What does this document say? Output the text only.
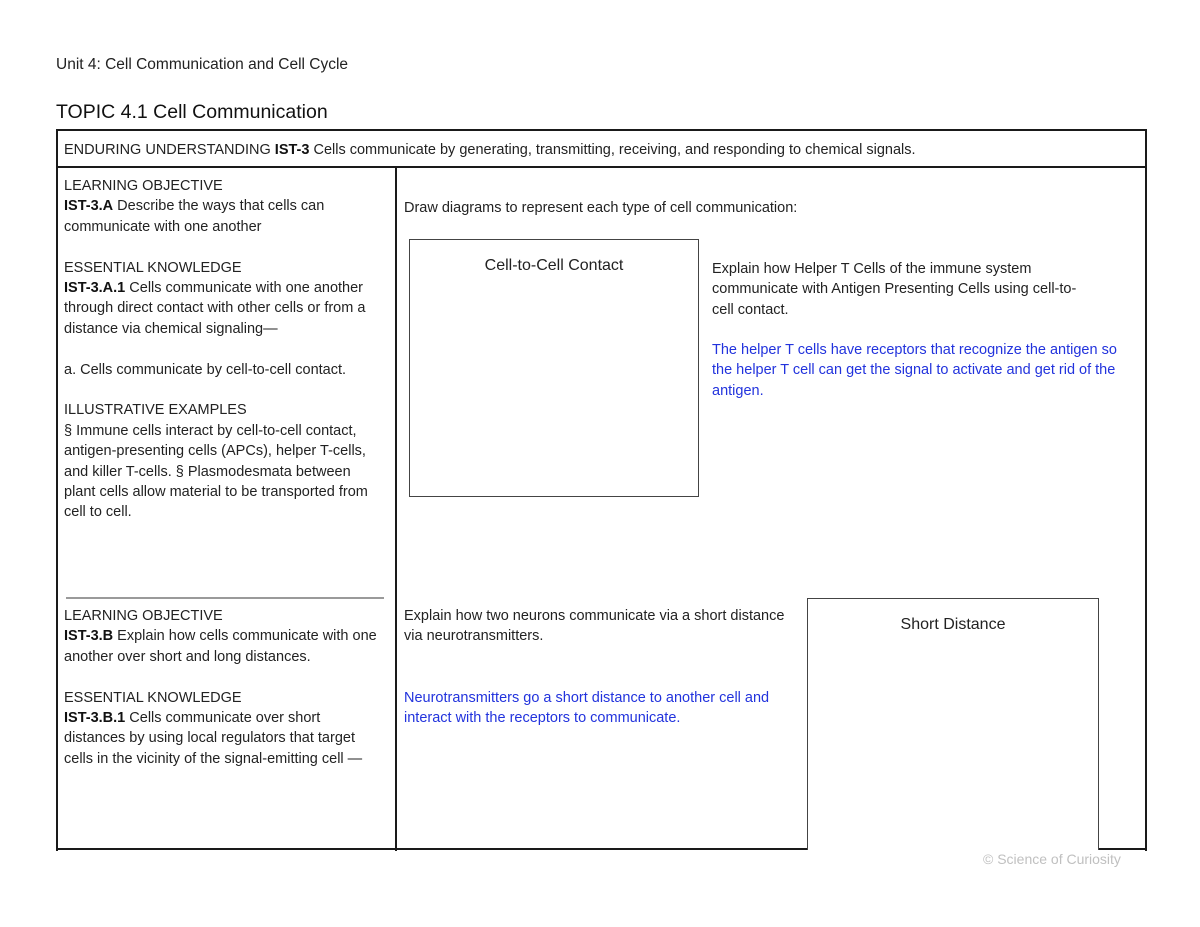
Unit 4: Cell Communication and Cell Cycle
TOPIC 4.1 Cell Communication
ENDURING UNDERSTANDING IST-3 Cells communicate by generating, transmitting, receiving, and responding to chemical signals.
LEARNING OBJECTIVE
IST-3.A Describe the ways that cells can communicate with one another
ESSENTIAL KNOWLEDGE
IST-3.A.1 Cells communicate with one another through direct contact with other cells or from a distance via chemical signaling—
a. Cells communicate by cell-to-cell contact.
ILLUSTRATIVE EXAMPLES
§ Immune cells interact by cell-to-cell contact, antigen-presenting cells (APCs), helper T-cells, and killer T-cells. § Plasmodesmata between plant cells allow material to be transported from cell to cell.
Draw diagrams to represent each type of cell communication:
Cell-to-Cell Contact	Explain how Helper T Cells of the immune system communicate with Antigen Presenting Cells using cell-to-cell contact.
The helper T cells have receptors that recognize the antigen so the helper T cell can get the signal to activate and get rid of the antigen.
LEARNING OBJECTIVE
IST-3.B Explain how cells communicate with one another over short and long distances.
ESSENTIAL KNOWLEDGE
IST-3.B.1 Cells communicate over short distances by using local regulators that target cells in the vicinity of the signal-emitting cell —
Explain how two neurons communicate via a short distance via neurotransmitters.
Neurotransmitters go a short distance to another cell and interact with the receptors to communicate.
Short Distance
© Science of Curiosity
